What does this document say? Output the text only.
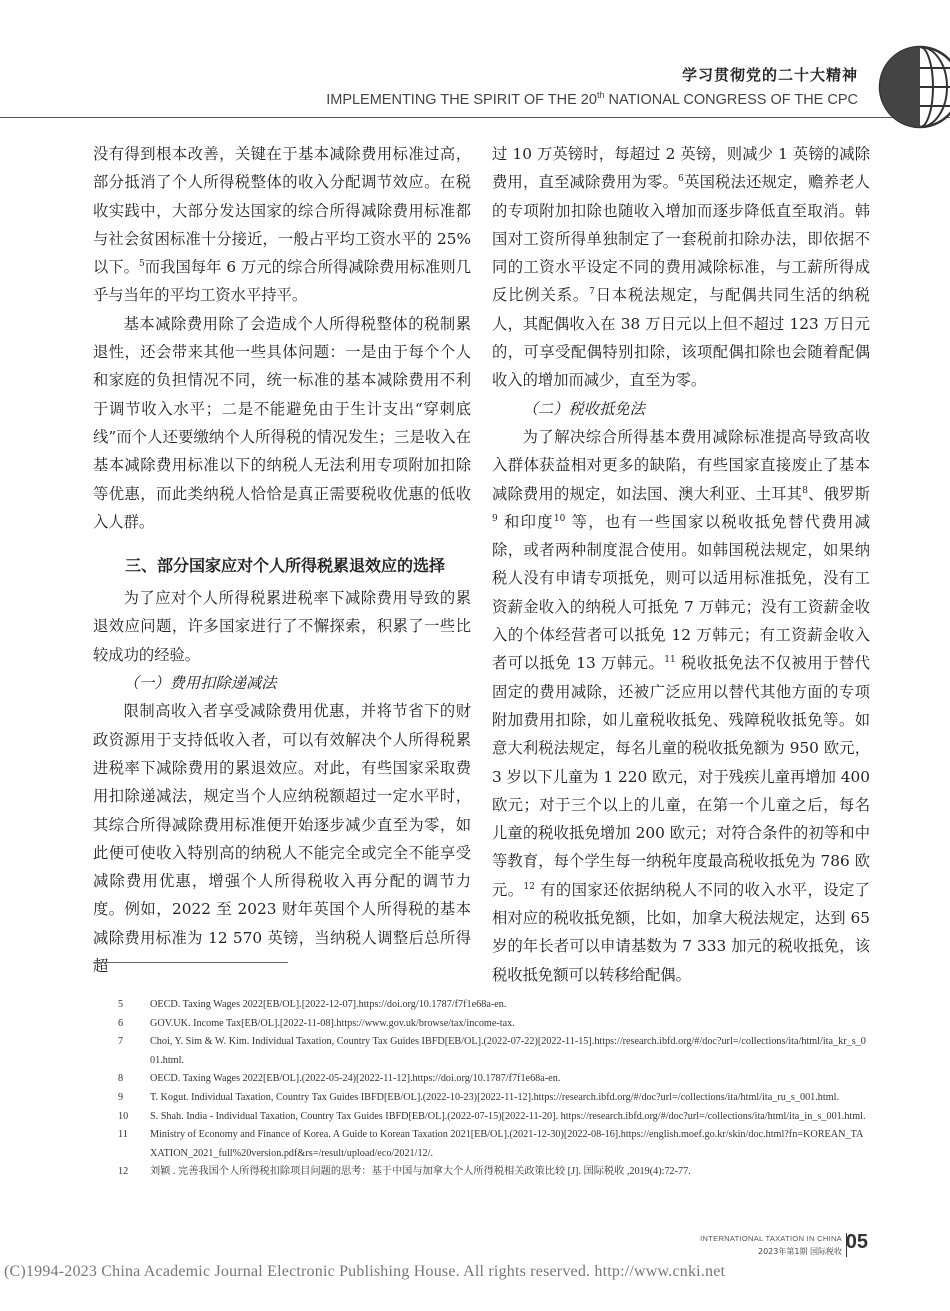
学习贯彻党的二十大精神
IMPLEMENTING THE SPIRIT OF THE 20th NATIONAL CONGRESS OF THE CPC

没有得到根本改善，关键在于基本减除费用标准过高，部分抵消了个人所得税整体的收入分配调节效应。在税收实践中，大部分发达国家的综合所得减除费用标准都与社会贫困标准十分接近，一般占平均工资水平的 25% 以下。$^5$而我国每年 6 万元的综合所得减除费用标准则几乎与当年的平均工资水平持平。

基本减除费用除了会造成个人所得税整体的税制累退性，还会带来其他一些具体问题：一是由于每个个人和家庭的负担情况不同，统一标准的基本减除费用不利于调节收入水平；二是不能避免由于生计支出“穿刺底线”而个人还要缴纳个人所得税的情况发生；三是收入在基本减除费用标准以下的纳税人无法利用专项附加扣除等优惠，而此类纳税人恰恰是真正需要税收优惠的低收入人群。

三、部分国家应对个人所得税累退效应的选择

为了应对个人所得税累进税率下减除费用导致的累退效应问题，许多国家进行了不懈探索，积累了一些比较成功的经验。

（一）费用扣除递减法

限制高收入者享受减除费用优惠，并将节省下的财政资源用于支持低收入者，可以有效解决个人所得税累进税率下减除费用的累退效应。对此，有些国家采取费用扣除递减法，规定当个人应纳税额超过一定水平时，其综合所得减除费用标准便开始逐步减少直至为零，如此便可使收入特别高的纳税人不能完全或完全不能享受减除费用优惠，增强个人所得税收入再分配的调节力度。例如，2022 至 2023 财年英国个人所得税的基本减除费用标准为 12 570 英镑，当纳税人调整后总所得超

过 10 万英镑时，每超过 2 英镑，则减少 1 英镑的减除费用，直至减除费用为零。$^6$英国税法还规定，赡养老人的专项附加扣除也随收入增加而逐步降低直至取消。韩国对工资所得单独制定了一套税前扣除办法，即依据不同的工资水平设定不同的费用减除标准，与工薪所得成反比例关系。$^7$日本税法规定，与配偶共同生活的纳税人，其配偶收入在 38 万日元以上但不超过 123 万日元的，可享受配偶特别扣除，该项配偶扣除也会随着配偶收入的增加而减少，直至为零。

（二）税收抵免法

为了解决综合所得基本费用减除标准提高导致高收入群体获益相对更多的缺陷，有些国家直接废止了基本减除费用的规定，如法国、澳大利亚、土耳其$^8$、俄罗斯$^9$ 和印度$^{10}$ 等，也有一些国家以税收抵免替代费用减除，或者两种制度混合使用。如韩国税法规定，如果纳税人没有申请专项抵免，则可以适用标准抵免，没有工资薪金收入的纳税人可抵免 7 万韩元；没有工资薪金收入的个体经营者可以抵免 12 万韩元；有工资薪金收入者可以抵免 13 万韩元。$^{11}$ 税收抵免法不仅被用于替代固定的费用减除，还被广泛应用以替代其他方面的专项附加费用扣除，如儿童税收抵免、残障税收抵免等。如意大利税法规定，每名儿童的税收抵免额为 950 欧元，3 岁以下儿童为 1 220 欧元，对于残疾儿童再增加 400 欧元；对于三个以上的儿童，在第一个儿童之后，每名儿童的税收抵免增加 200 欧元；对符合条件的初等和中等教育，每个学生每一纳税年度最高税收抵免为 786 欧元。$^{12}$ 有的国家还依据纳税人不同的收入水平，设定了相对应的税收抵免额，比如，加拿大税法规定，达到 65 岁的年长者可以申请基数为 7 333 加元的税收抵免，该税收抵免额可以转移给配偶。

5	OECD. Taxing Wages 2022[EB/OL].[2022-12-07].https://doi.org/10.1787/f7f1e68a-en.
6	GOV.UK. Income Tax[EB/OL].[2022-11-08].https://www.gov.uk/browse/tax/income-tax.
7	Choi, Y. Sim & W. Kim. Individual Taxation, Country Tax Guides IBFD[EB/OL].(2022-07-22)[2022-11-15].https://research.ibfd.org/#/doc?url=/collections/ita/html/ita_kr_s_001.html.
8	OECD. Taxing Wages 2022[EB/OL].(2022-05-24)[2022-11-12].https://doi.org/10.1787/f7f1e68a-en.
9	T. Kogut. Individual Taxation, Country Tax Guides IBFD[EB/OL].(2022-10-23)[2022-11-12].https://research.ibfd.org/#/doc?url=/collections/ita/html/ita_ru_s_001.html.
10	S. Shah. India - Individual Taxation, Country Tax Guides IBFD[EB/OL].(2022-07-15)[2022-11-20]. https://research.ibfd.org/#/doc?url=/collections/ita/html/ita_in_s_001.html.
11	Ministry of Economy and Finance of Korea. A Guide to Korean Taxation 2021[EB/OL].(2021-12-30)[2022-08-16].https://english.moef.go.kr/skin/doc.html?fn=KOREAN_TAXATION_2021_full%20version.pdf&rs=/result/upload/eco/2021/12/.
12	刘颖 . 完善我国个人所得税扣除项目问题的思考：基于中国与加拿大个人所得税相关政策比较 [J]. 国际税收 ,2019(4):72-77.
INTERNATIONAL TAXATION IN CHINA
2023年第1期 国际税收 05
(C)1994-2023 China Academic Journal Electronic Publishing House. All rights reserved. http://www.cnki.net
